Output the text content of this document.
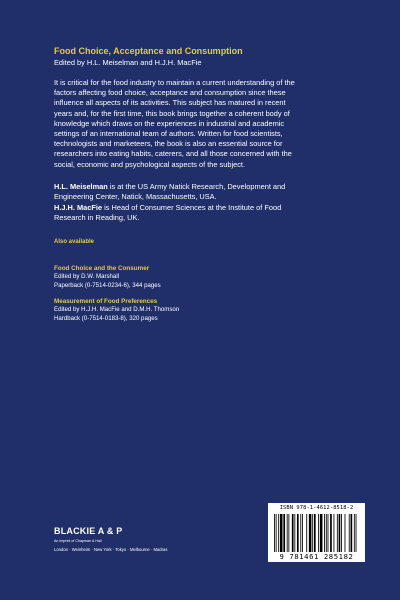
Food Choice, Acceptance and Consumption
Edited by H.L. Meiselman and H.J.H. MacFie
It is critical for the food industry to maintain a current understanding of the
factors affecting food choice, acceptance and consumption since these
influence all aspects of its activities. This subject has matured in recent
years and, for the first time, this book brings together a coherent body of
knowledge which draws on the experiences in industrial and academic
settings of an international team of authors. Written for food scientists,
technologists and marketeers, the book is also an essential source for
researchers into eating habits, caterers, and all those concerned with the
social, economic and psychological aspects of the subject.
H.L. Meiselman is at the US Army Natick Research, Development and
Engineering Center, Natick, Massachusetts, USA.
H.J.H. MacFie is Head of Consumer Sciences at the Institute of Food
Research in Reading, UK.
Also available
Food Choice and the Consumer
Edited by D.W. Marshall
Paperback (0-7514-0234-6), 344 pages
Measurement of Food Preferences
Edited by H.J.H. MacFie and D.M.H. Thomson
Hardback (0-7514-0183-8), 320 pages
BLACKIE A & P
An Imprint of Chapman & Hall
London · Weinheim · New York · Tokyo · Melbourne · Madras
ISBN 978-1-4612-8518-2
9 781461 285182
